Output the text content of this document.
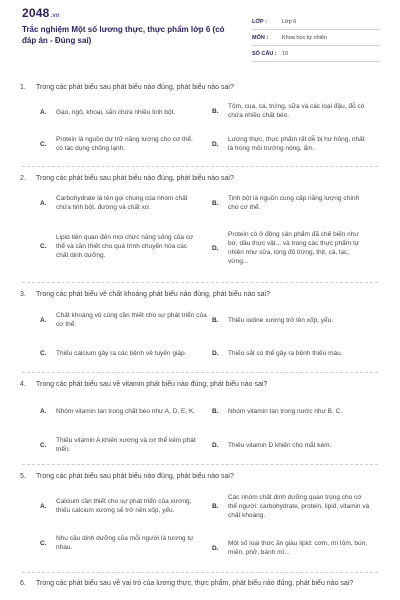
2048.vn
Trắc nghiệm Một số lương thực, thực phẩm lớp 6 (có đáp án - Đúng sai)
LỚP :	Lớp 6
MÔN :	Khoa học tự nhiên
SỐ CÂU : 10
1. Trong các phát biểu sau phát biểu nào đúng, phát biểu nào sai?
A.	Gạo, ngô, khoai, sắn chứa nhiều tinh bột.	B.
Tôm, cua, cá, trứng, sữa và các loại đậu, đỗ có chứa nhiều chất béo.
C.
Protein là nguồn dự trữ năng lượng cho cơ thể, có tác dụng chống lạnh.
D.
Lương thực, thực phẩm rất dễ bị hư hỏng, nhất là trong môi trường nóng, ẩm.
2. Trong các phát biểu sau phát biểu nào đúng, phát biểu nào sai?
A.
Carbohydrate là tên gọi chung của nhóm chất chứa tinh bột, đường và chất xơ.
B.
Tinh bột là nguồn cung cấp năng lượng chính cho cơ thể.
C.
Lipid tiên quan đến mọi chức năng sống của cơ thể và cần thiết cho quá trình chuyển hóa các chất dinh dưỡng.
D.
Protein có ở động sản phẩm đã chế biến như bơ, dầu thực vật... và trong các thực phẩm tự nhiên như sữa, lòng đỏ trứng, thịt, cá, lạc, vừng...
3. Trong các phát biểu về chất khoáng phát biểu nào đúng, phát biểu nào sai?
A.
Chất khoáng vô cùng cần thiết cho sự phát triển của cơ thể.
B.	Thiếu iodine xương trở lên xốp, yếu.
C.	Thiếu calcium gây ra các bệnh về tuyến giáp.	D.	Thiếu sắt có thể gây ra bệnh thiếu máu.
4. Trong các phát biểu sau về vitamin phát biểu nào đúng, phát biểu nào sai?
A.	Nhóm vitamin tan trong chất béo như A, D, E, K.	B.	Nhóm vitamin tan trong nước như B, C.
C.
Thiếu vitamin A khiến xương và cơ thể kém phát triển.
D.	Thiếu vitamin D khiến cho mắt kém.
5. Trong các phát biểu sau phát biểu nào đúng, phát biểu nào sai?
A.
Calcium cần thiết cho sự phát triển của xương, thiếu calcium xương sẽ trở nên xốp, yếu.
B.
Các nhóm chất dinh dưỡng quan trọng cho cơ thể người: carbohydrate, protein, lipid, vitamin và chất khoáng.
C.
Nhu cầu dinh dưỡng của mỗi người là tương tự nhau.	D.
Một số loại thức ăn giàu lipid: cơm, mì tôm, bún, miến, phở, bánh mì...
6. Trong các phát biểu sau về vai trò của lương thực, thực phẩm, phát biểu nào đúng, phát biểu nào sai?
